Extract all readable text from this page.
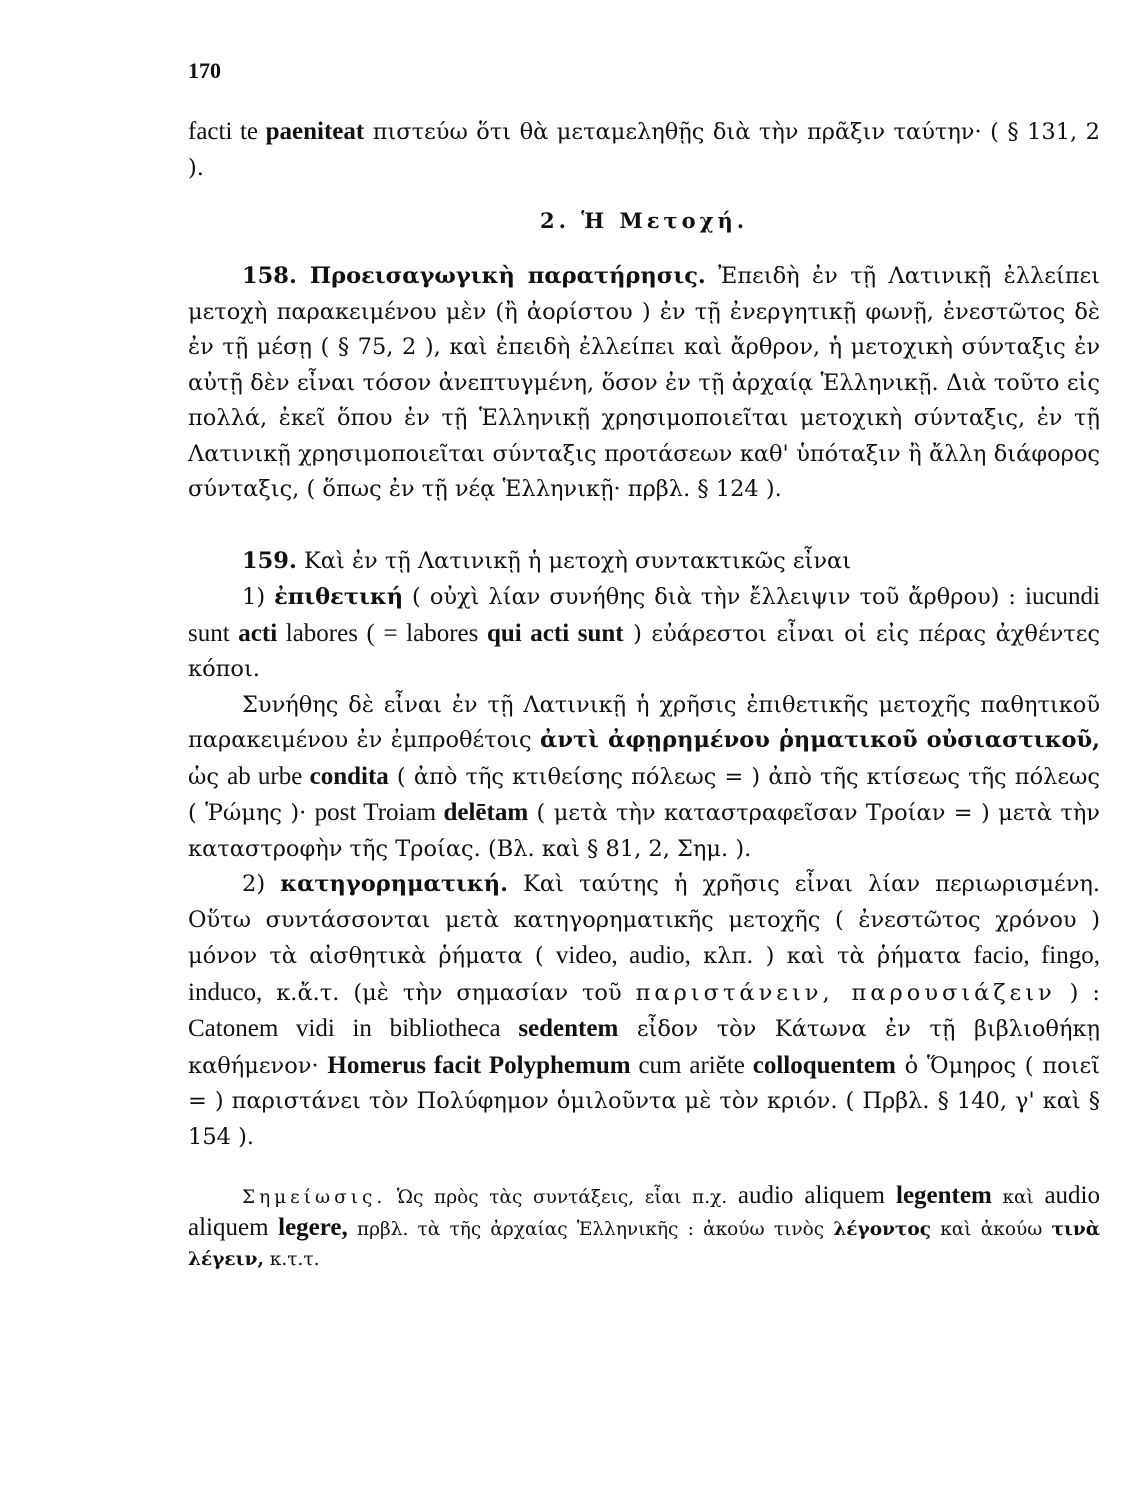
170

facti te paeniteat πιστεύω ὅτι θὰ μεταμεληθῇς διὰ τὴν πρᾶξιν ταύτην· ( § 131, 2 ).

2. Ἡ Μετοχή.

158. Προεισαγωγικὴ παρατήρησις. Ἐπειδὴ ἐν τῇ Λατινικῇ ἐλλείπει μετοχὴ παρακειμένου μὲν (ἢ ἀορίστου ) ἐν τῇ ἐνεργητικῇ φωνῇ, ἐνεστῶτος δὲ ἐν τῇ μέσῃ ( § 75, 2 ), καὶ ἐπειδὴ ἐλλείπει καὶ ἄρθρον, ἡ μετοχικὴ σύνταξις ἐν αὐτῇ δὲν εἶναι τόσον ἀνεπτυγμένη, ὅσον ἐν τῇ ἀρχαίᾳ Ἑλληνικῇ. Διὰ τοῦτο εἰς πολλά, ἐκεῖ ὅπου ἐν τῇ Ἑλληνικῇ χρησιμοποιεῖται μετοχικὴ σύνταξις, ἐν τῇ Λατινικῇ χρησιμοποιεῖται σύνταξις προτάσεων καθ' ὑπόταξιν ἢ ἄλλη διάφορος σύνταξις, ( ὅπως ἐν τῇ νέᾳ Ἑλληνικῇ· πρβλ. § 124 ).

159. Καὶ ἐν τῇ Λατινικῇ ἡ μετοχὴ συντακτικῶς εἶναι

1) ἐπιθετική ( οὐχὶ λίαν συνήθης διὰ τὴν ἔλλειψιν τοῦ ἄρθρου) : iucundi sunt acti labores ( = labores qui acti sunt ) εὐάρεστοι εἶναι οἱ εἰς πέρας ἀχθέντες κόποι.

Συνήθης δὲ εἶναι ἐν τῇ Λατινικῇ ἡ χρῆσις ἐπιθετικῆς μετοχῆς παθητικοῦ παρακειμένου ἐν ἐμπροθέτοις ἀντὶ ἀφῃρημένου ῥηματικοῦ οὐσιαστικοῦ, ὡς ab urbe condita ( ἀπὸ τῆς κτιθείσης πόλεως = ) ἀπὸ τῆς κτίσεως τῆς πόλεως ( Ῥώμης )· post Troiam delētam ( μετὰ τὴν καταστραφεῖσαν Τροίαν = ) μετὰ τὴν καταστροφὴν τῆς Τροίας. (Βλ. καὶ § 81, 2, Σημ. ).

2) κατηγορηματική. Καὶ ταύτης ἡ χρῆσις εἶναι λίαν περιωρισμένη. Οὕτω συντάσσονται μετὰ κατηγορηματικῆς μετοχῆς ( ἐνεστῶτος χρόνου ) μόνον τὰ αἰσθητικὰ ῥήματα ( video, audio, κλπ. ) καὶ τὰ ῥήματα facio, fingo, induco, κ.ἄ.τ. (μὲ τὴν σημασίαν τοῦ παριστάνειν, παρουσιάζειν ) : Catonem vidi in bibliotheca sedentem εἶδον τὸν Κάτωνα ἐν τῇ βιβλιοθήκῃ καθήμενον· Homerus facit Polyphemum cum ariĕte colloquentem ὁ Ὅμηρος ( ποιεῖ = ) παριστάνει τὸν Πολύφημον ὁμιλοῦντα μὲ τὸν κριόν. ( Πρβλ. § 140, γ' καὶ § 154 ).

Σημείωσις. Ὡς πρὸς τὰς συντάξεις, εἶαι π.χ. audio aliquem legentem καὶ audio aliquem legere, πρβλ. τὰ τῆς ἀρχαίας Ἑλληνικῆς : ἀκούω τινὸς λέγοντος καὶ ἀκούω τινὰ λέγειν, κ.τ.τ.
